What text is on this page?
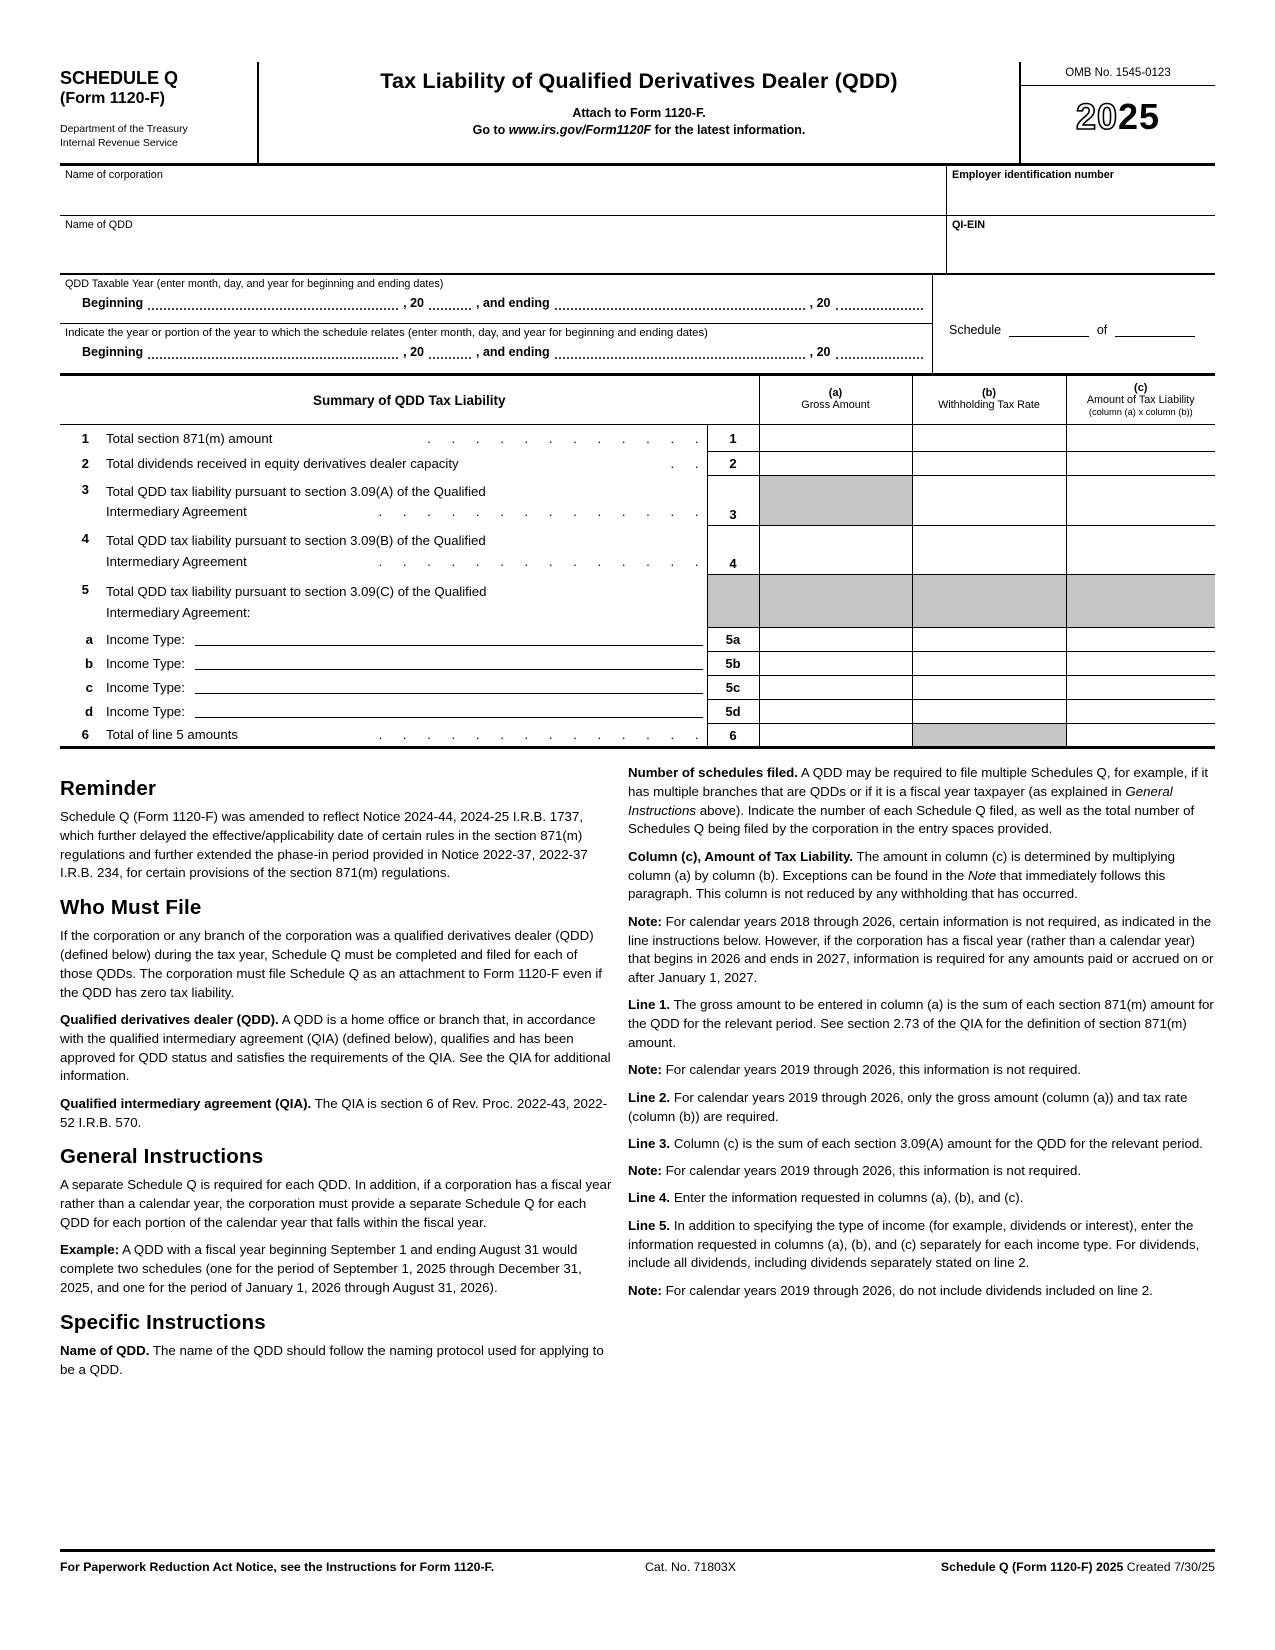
SCHEDULE Q
(Form 1120-F)
Department of the Treasury
Internal Revenue Service
Tax Liability of Qualified Derivatives Dealer (QDD)
Attach to Form 1120-F.
Go to www.irs.gov/Form1120F for the latest information.
OMB No. 1545-0123
2025
Name of corporation	Employer identification number
Name of QDD	QI-EIN
QDD Taxable Year (enter month, day, and year for beginning and ending dates)
Beginning	, 20	, and ending	, 20
Indicate the year or portion of the year to which the schedule relates (enter month, day, and year for beginning and ending dates)
Beginning	, 20	, and ending	, 20
Schedule	of
Summary of QDD Tax Liability	(a)
Gross Amount

(b)
Withholding Tax Rate

(c)
Amount of Tax Liability
(column (a) x column (b))

1 Total section 871(m) amount . . . . . . . . . . . .	1			

2 Total dividends received in equity derivatives dealer capacity . .	2			

3 Total QDD tax liability pursuant to section 3.09(A) of the Qualified
Intermediary Agreement . . . . . . . . . . . . . .	3			

4 Total QDD tax liability pursuant to section 3.09(B) of the Qualified
Intermediary Agreement . . . . . . . . . . . . . .	4			

5 Total QDD tax liability pursuant to section 3.09(C) of the Qualified
Intermediary Agreement:				

a Income Type:	5a			

b Income Type:	5b			

c Income Type:	5c			

d Income Type:	5d			

6 Total of line 5 amounts . . . . . . . . . . . . . .	6			
Reminder

Schedule Q (Form 1120-F) was amended to reflect Notice 2024-44, 2024-25 I.R.B. 1737, which further delayed the effective/applicability date of certain rules in the section 871(m) regulations and further extended the phase-in period provided in Notice 2022-37, 2022-37 I.R.B. 234, for certain provisions of the section 871(m) regulations.

Who Must File

If the corporation or any branch of the corporation was a qualified derivatives dealer (QDD) (defined below) during the tax year, Schedule Q must be completed and filed for each of those QDDs. The corporation must file Schedule Q as an attachment to Form 1120-F even if the QDD has zero tax liability.

Qualified derivatives dealer (QDD). A QDD is a home office or branch that, in accordance with the qualified intermediary agreement (QIA) (defined below), qualifies and has been approved for QDD status and satisfies the requirements of the QIA. See the QIA for additional information.

Qualified intermediary agreement (QIA). The QIA is section 6 of Rev. Proc. 2022-43, 2022-52 I.R.B. 570.

General Instructions

A separate Schedule Q is required for each QDD. In addition, if a corporation has a fiscal year rather than a calendar year, the corporation must provide a separate Schedule Q for each QDD for each portion of the calendar year that falls within the fiscal year.

Example: A QDD with a fiscal year beginning September 1 and ending August 31 would complete two schedules (one for the period of September 1, 2025 through December 31, 2025, and one for the period of January 1, 2026 through August 31, 2026).

Specific Instructions

Name of QDD. The name of the QDD should follow the naming protocol used for applying to be a QDD.

Number of schedules filed. A QDD may be required to file multiple Schedules Q, for example, if it has multiple branches that are QDDs or if it is a fiscal year taxpayer (as explained in General Instructions above). Indicate the number of each Schedule Q filed, as well as the total number of Schedules Q being filed by the corporation in the entry spaces provided.

Column (c), Amount of Tax Liability. The amount in column (c) is determined by multiplying column (a) by column (b). Exceptions can be found in the Note that immediately follows this paragraph. This column is not reduced by any withholding that has occurred.

Note: For calendar years 2018 through 2026, certain information is not required, as indicated in the line instructions below. However, if the corporation has a fiscal year (rather than a calendar year) that begins in 2026 and ends in 2027, information is required for any amounts paid or accrued on or after January 1, 2027.

Line 1. The gross amount to be entered in column (a) is the sum of each section 871(m) amount for the QDD for the relevant period. See section 2.73 of the QIA for the definition of section 871(m) amount.

Note: For calendar years 2019 through 2026, this information is not required.

Line 2. For calendar years 2019 through 2026, only the gross amount (column (a)) and tax rate (column (b)) are required.

Line 3. Column (c) is the sum of each section 3.09(A) amount for the QDD for the relevant period.

Note: For calendar years 2019 through 2026, this information is not required.

Line 4. Enter the information requested in columns (a), (b), and (c).

Line 5. In addition to specifying the type of income (for example, dividends or interest), enter the information requested in columns (a), (b), and (c) separately for each income type. For dividends, include all dividends, including dividends separately stated on line 2.

Note: For calendar years 2019 through 2026, do not include dividends included on line 2.

For Paperwork Reduction Act Notice, see the Instructions for Form 1120-F.	Cat. No. 71803X	Schedule Q (Form 1120-F) 2025 Created 7/30/25
